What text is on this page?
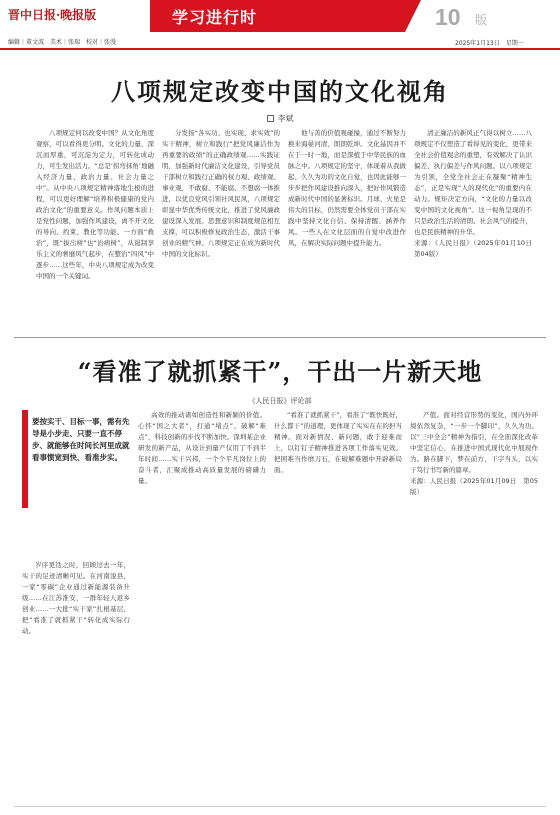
晋中日报·晚报版
编辑｜董文波　美术｜张瑞　校对｜张漫
学习进行时	10 版
2025年1月13日　星期一
八项规定改变中国的文化视角
李斌

八项规定何以改变中国？从文化角度观察，可以看得更分明。文化的力量，深沉而厚重，可沉淀为定力，可转化成动力，可生发出活力。“总是‘拐弯抹角’地融入经济力量、政治力量、社会力量之中”。从中央八项规定精神落地生根的进程，可以更好理解“培养积极健康的党内政治文化”的重要意义。作风问题本质上是党性问题，加强作风建设，离不开文化的导向、约束、教化等功能。一方面“救治”，既“拔出树”也“治病树”，从遏制享乐主义的奢靡风气起步，在整治“四风”中逐步……这些年，中央八项规定成为改变中国的一个关键词。

分发扬“各实功、也实现、求实效”的实干精神，树立和践行“把党风廉洁作为再重要的政绩”的正确政绩观……实践证明，加强新时代廉洁文化建设，引导党员干部树立和践行正确的权力观、政绩观、事业观，不敢腐、不能腐、不想腐一体推进，以优良党风引领社风民风，八项规定彰显中华优秀传统文化，推进了党风廉政建设深入发展。思想意识和制度规范相互支撑，可以积极修复政治生态，激活干事创业的精气神。八项规定正在成为新时代中国的文化标识。

他与善的价值观碰撞，通过不断努力换来海晏河清、朗朗乾坤。文化基因并不在于一时一地，而是深植于中华民族的血脉之中。八项规定的坚守，体现着从我做起、久久为功的文化自觉，也因此能够一步步把作风建设推向深入，把好作风锻造成新时代中国的显著标识。月球、火星是伟大的目标，仍然需要全体党员干部在实践中坚持文化自信、保持清醒、涵养作风。一些人在文化层面的自觉中改进作风，在解决实际问题中提升能力。

清正廉洁的新风正气得以树立……八项规定不仅塑造了看得见的变化，更带来全社会价值观念的重塑，有效解决了认识偏差、执行偏差与作风问题。以八项规定为引领，全党全社会正在凝聚“精神生态”，正是实现“人的现代化”的重要内在动力。规矩决定方向，“文化的力量以改变中国的文化视角”。这一视角呈现的不只是政治生活的清朗、社会风气的提升，也是民族精神的升华。

来源：《人民日报》（2025年01月10日　第04版）

“看准了就抓紧干”，干出一片新天地
《人民日报》评论部
要按实干、目标一事，需有先导是小步走、只要一直不停步、就能够在时间长河里成就看事惯宽到快、看准步实。

岁序更迭之时，回顾过去一年，实干的足迹清晰可见。在河南浚县，一家“零碳”企业通过新能源装备升级……在江苏淮安，一群年轻人返乡创业……一大批“实干家”扎根基层，把“看准了就抓紧干”转化成实际行动。

高效的推动诸如创造性和新颖的价值。心怀“国之大者”，打通“堵点”、破解“难点”，科技创新的步伐不断加快。深圳某企业研发的新产品，从设计到量产仅用了不到半年时间……实干兴邦，一个个平凡岗位上的奋斗者，汇聚成推动高质量发展的磅礴力量。

“看准了就抓紧干”，看准了“既快既好，什么都干”的道理，更体现了实实在在的担当精神。面对新情况、新问题，敢于迎难而上，以钉钉子精神推进各项工作落实见效。把困难当作磨刀石，在破解难题中开辟新局面。

产值。面对经营形势的变化，国内外环境依然复杂，“一步一个脚印”，久久为功。以“三中全会”精神为指引，在全面深化改革中坚定信心，在推进中国式现代化中展现作为。路在脚下，梦在前方，干字当头，以实干笃行书写新的篇章。

来源：人民日报（2025年01月09日　第05版）
